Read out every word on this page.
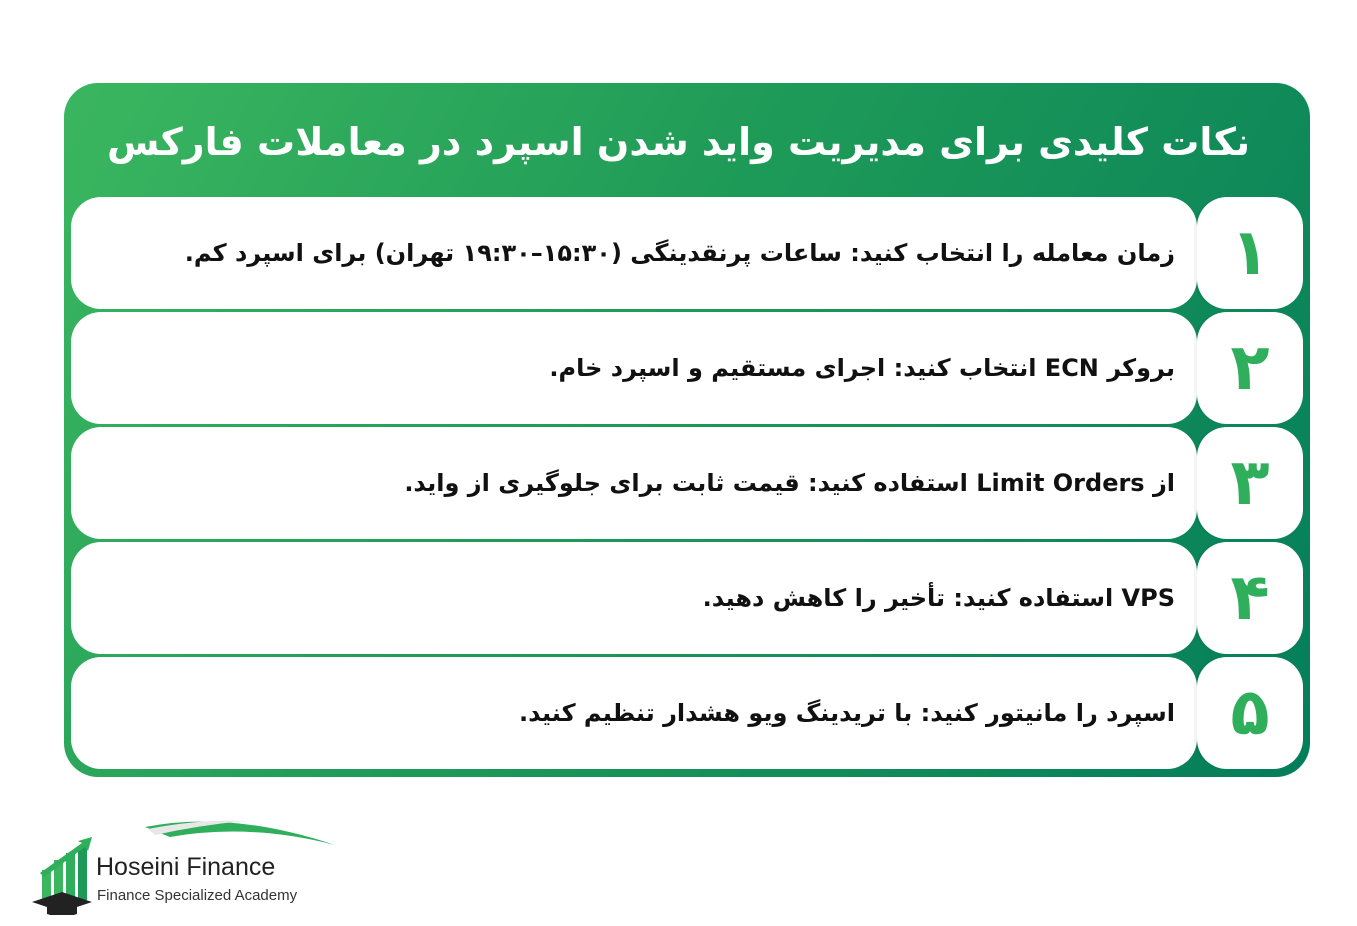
نکات کلیدی برای مدیریت واید شدن اسپرد در معاملات فارکس
زمان معامله را انتخاب کنید: ساعات پرنقدینگی (۱۵:۳۰–۱۹:۳۰ تهران) برای اسپرد کم. ۱
بروکر ECN انتخاب کنید: اجرای مستقیم و اسپرد خام. ۲
از Limit Orders استفاده کنید: قیمت ثابت برای جلوگیری از واید. ۳
VPS استفاده کنید: تأخیر را کاهش دهید. ۴
اسپرد را مانیتور کنید: با تریدینگ ویو هشدار تنظیم کنید. ۵
Hoseini Finance
Finance Specialized Academy
